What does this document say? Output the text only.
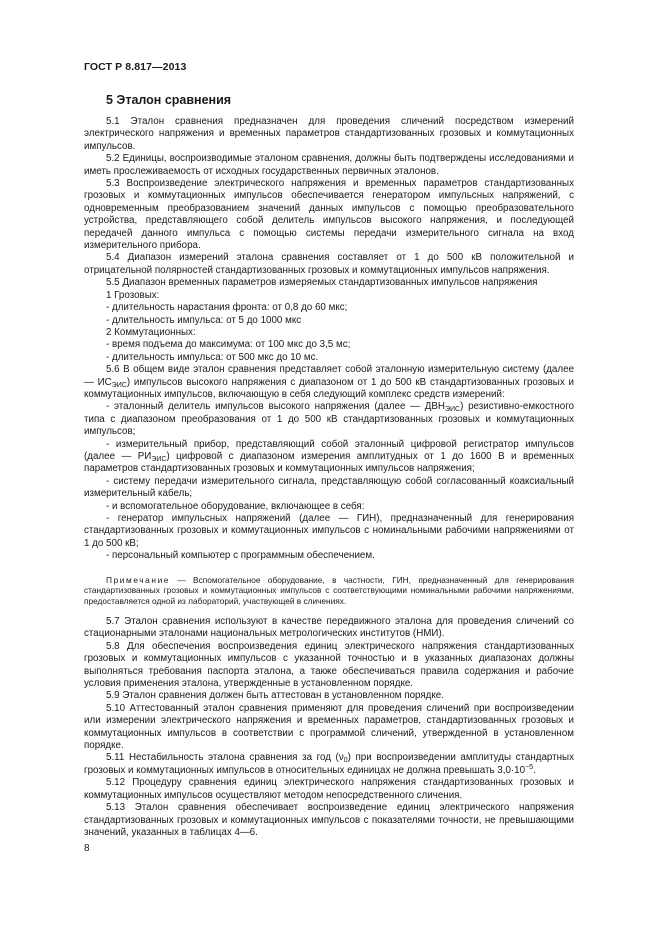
ГОСТ Р 8.817—2013
5 Эталон сравнения

5.1 Эталон сравнения предназначен для проведения сличений посредством измерений электрического напряжения и временных параметров стандартизованных грозовых и коммутационных импульсов.

5.2 Единицы, воспроизводимые эталоном сравнения, должны быть подтверждены исследованиями и иметь прослеживаемость от исходных государственных первичных эталонов.

5.3 Воспроизведение электрического напряжения и временных параметров стандартизованных грозовых и коммутационных импульсов обеспечивается генератором импульсных напряжений, с одновременным преобразованием значений данных импульсов с помощью преобразовательного устройства, представляющего собой делитель импульсов высокого напряжения, и последующей передачей данного импульса с помощью системы передачи измерительного сигнала на вход измерительного прибора.

5.4 Диапазон измерений эталона сравнения составляет от 1 до 500 кВ положительной и отрицательной полярностей стандартизованных грозовых и коммутационных импульсов напряжения.

5.5 Диапазон временных параметров измеряемых стандартизованных импульсов напряжения

1 Грозовых:

- длительность нарастания фронта: от 0,8 до 60 мкс;

- длительность импульса: от 5 до 1000 мкс

2 Коммутационных:

- время подъема до максимума: от 100 мкс до 3,5 мс;

- длительность импульса: от 500 мкс до 10 мс.

5.6 В общем виде эталон сравнения представляет собой эталонную измерительную систему (далее — $ИС_{ЭИС}$) импульсов высокого напряжения с диапазоном от 1 до 500 кВ стандартизованных грозовых и коммутационных импульсов, включающую в себя следующий комплекс средств измерений:

- эталонный делитель импульсов высокого напряжения (далее — $ДВН_{ЭИС}$) резистивно-емкостного типа с диапазоном преобразования от 1 до 500 кВ стандартизованных грозовых и коммутационных импульсов;

- измерительный прибор, представляющий собой эталонный цифровой регистратор импульсов (далее — $РИ_{ЭИС}$) цифровой с диапазоном измерения амплитудных от 1 до 1600 В и временных параметров стандартизованных грозовых и коммутационных импульсов напряжения;

- систему передачи измерительного сигнала, представляющую собой согласованный коаксиальный измерительный кабель;

- и вспомогательное оборудование, включающее в себя:

- генератор импульсных напряжений (далее — ГИН), предназначенный для генерирования стандартизованных грозовых и коммутационных импульсов с номинальными рабочими напряжениями от 1 до 500 кВ;

- персональный компьютер с программным обеспечением.

Примечание — Вспомогательное оборудование, в частности, ГИН, предназначенный для генерирования стандартизованных грозовых и коммутационных импульсов с соответствующими номинальными рабочими напряжениями, предоставляется одной из лабораторий, участвующей в сличениях.

5.7 Эталон сравнения используют в качестве передвижного эталона для проведения сличений со стационарными эталонами национальных метрологических институтов (НМИ).

5.8 Для обеспечения воспроизведения единиц электрического напряжения стандартизованных грозовых и коммутационных импульсов с указанной точностью и в указанных диапазонах должны выполняться требования паспорта эталона, а также обеспечиваться правила содержания и рабочие условия применения эталона, утвержденные в установленном порядке.

5.9 Эталон сравнения должен быть аттестован в установленном порядке.

5.10 Аттестованный эталон сравнения применяют для проведения сличений при воспроизведении или измерении электрического напряжения и временных параметров, стандартизованных грозовых и коммутационных импульсов в соответствии с программой сличений, утвержденной в установленном порядке.

5.11 Нестабильность эталона сравнения за год $(\nu_0)$ при воспроизведении амплитуды стандартных грозовых и коммутационных импульсов в относительных единицах не должна превышать $3,0\cdot 10^{-5}$.

5.12 Процедуру сравнения единиц электрического напряжения стандартизованных грозовых и коммутационных импульсов осуществляют методом непосредственного сличения.

5.13 Эталон сравнения обеспечивает воспроизведение единиц электрического напряжения стандартизованных грозовых и коммутационных импульсов с показателями точности, не превышающими значений, указанных в таблицах 4—6.

8
